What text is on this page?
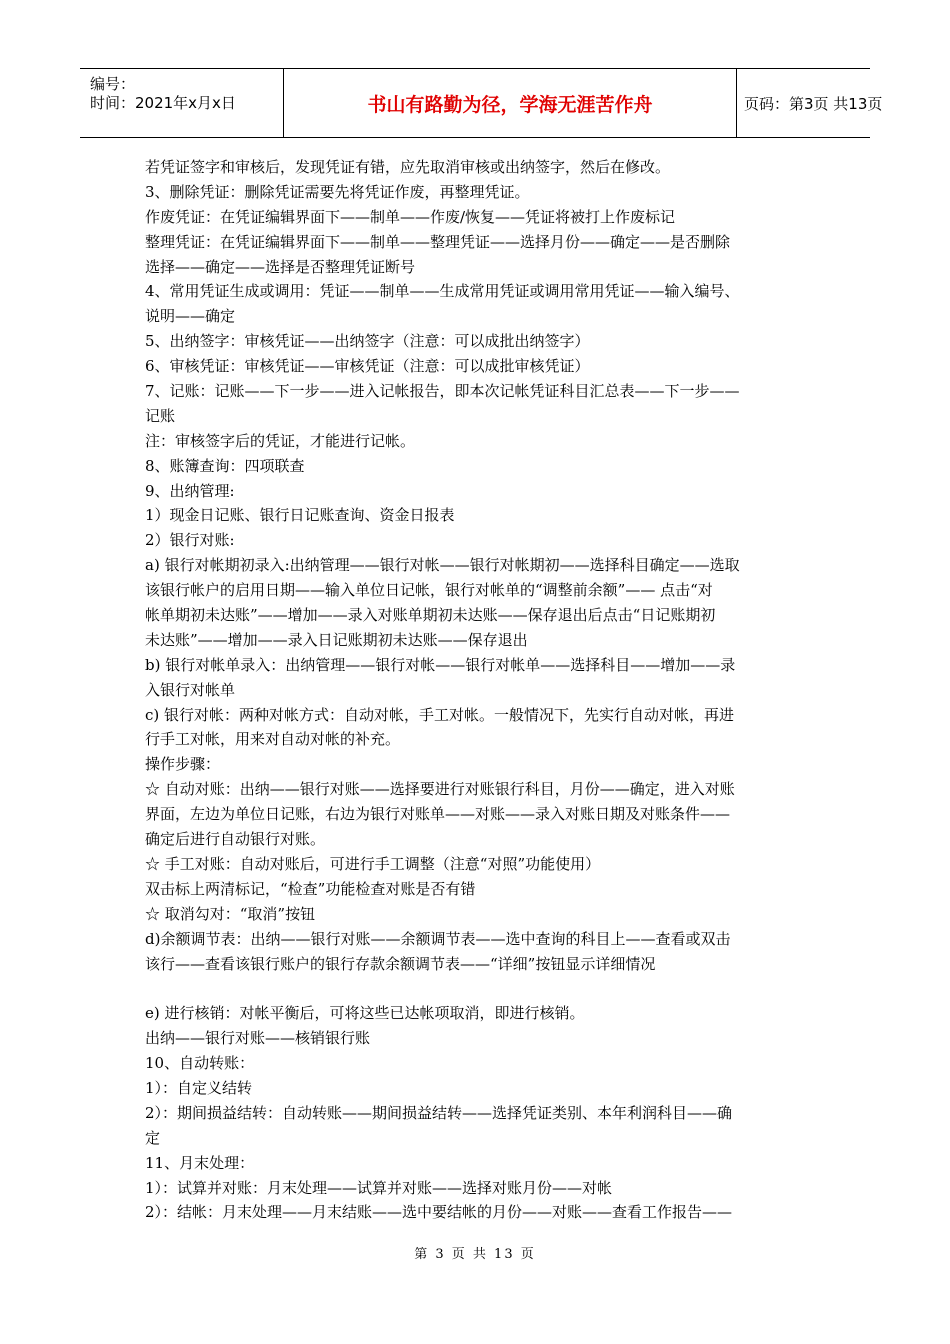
编号：
时间：2021年x月x日	书山有路勤为径，学海无涯苦作舟	页码：第3页 共13页
若凭证签字和审核后，发现凭证有错，应先取消审核或出纳签字，然后在修改。
3、删除凭证：删除凭证需要先将凭证作废，再整理凭证。
作废凭证：在凭证编辑界面下——制单——作废/恢复——凭证将被打上作废标记
整理凭证：在凭证编辑界面下——制单——整理凭证——选择月份——确定——是否删除
选择——确定——选择是否整理凭证断号
4、常用凭证生成或调用：凭证——制单——生成常用凭证或调用常用凭证——输入编号、
说明——确定
5、出纳签字：审核凭证——出纳签字（注意：可以成批出纳签字）
6、审核凭证：审核凭证——审核凭证（注意：可以成批审核凭证）
7、记账：记账——下一步——进入记帐报告，即本次记帐凭证科目汇总表——下一步——
记账
注：审核签字后的凭证，才能进行记帐。
8、账簿查询：四项联查
9、出纳管理:
1）现金日记账、银行日记账查询、资金日报表
2）银行对账:
a) 银行对帐期初录入:出纳管理——银行对帐——银行对帐期初——选择科目确定——选取
该银行帐户的启用日期——输入单位日记帐，银行对帐单的“调整前余额”—— 点击“对
帐单期初未达账”——增加——录入对账单期初未达账——保存退出后点击“日记账期初
未达账”——增加——录入日记账期初未达账——保存退出
b) 银行对帐单录入：出纳管理——银行对帐——银行对帐单——选择科目——增加——录
入银行对帐单
c) 银行对帐：两种对帐方式：自动对帐，手工对帐。一般情况下，先实行自动对帐，再进
行手工对帐，用来对自动对帐的补充。
操作步骤：
☆ 自动对账：出纳——银行对账——选择要进行对账银行科目，月份——确定，进入对账
界面，左边为单位日记账，右边为银行对账单——对账——录入对账日期及对账条件——
确定后进行自动银行对账。
☆ 手工对账：自动对账后，可进行手工调整（注意“对照”功能使用）
双击标上两清标记，“检查”功能检查对账是否有错
☆ 取消勾对：“取消”按钮
d)余额调节表：出纳——银行对账——余额调节表——选中查询的科目上——查看或双击
该行——查看该银行账户的银行存款余额调节表——“详细”按钮显示详细情况
e) 进行核销：对帐平衡后，可将这些已达帐项取消，即进行核销。
出纳——银行对账——核销银行账
10、自动转账：
1）：自定义结转
2）：期间损益结转：自动转账——期间损益结转——选择凭证类别、本年利润科目——确
定
11、月末处理：
1）：试算并对账：月末处理——试算并对账——选择对账月份——对帐
2）：结帐：月末处理——月末结账——选中要结帐的月份——对账——查看工作报告——
第 3 页 共 13 页
